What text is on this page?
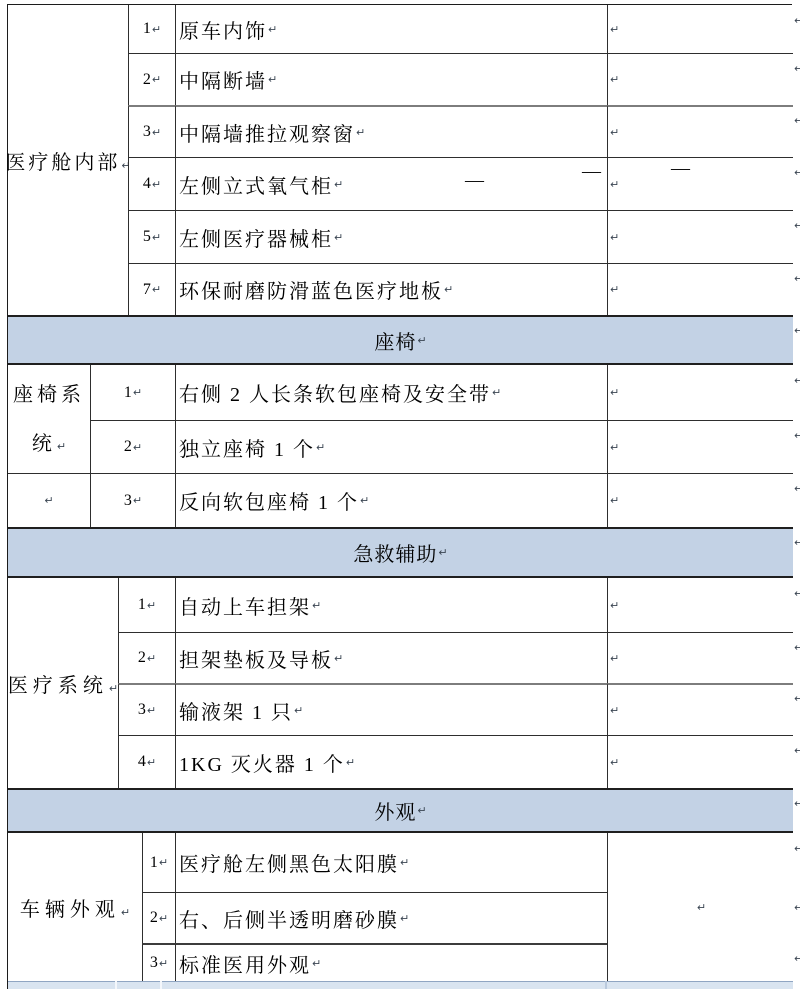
医疗舱内部 ↵
1 ↵ 原车内饰
↵
↵
2 ↵ 中隔断墙
↵
↵
3 ↵ 中隔墙推拉观察窗
↵
↵
4 ↵ 左侧立式氧气柜
↵
↵
5 ↵ 左侧医疗器械柜
↵
↵
7 ↵ 环保耐磨防滑蓝色医疗地板
↵
↵
—	—	—
座椅
↵
座椅系统 ↵
↵
1 ↵ 右侧 2 人长条软包座椅及安全带
↵
↵
2 ↵ 独立座椅 1 个
↵
↵
3 ↵ 反向软包座椅 1 个
↵
↵
急救辅助
↵
医疗系统 ↵
1 ↵ 自动上车担架
↵
↵
2 ↵ 担架垫板及导板
↵
↵
3 ↵ 输液架 1 只
↵
↵
4 ↵ 1KG 灭火器 1 个
↵
↵
外观
↵
车辆外观 ↵
1 ↵ 医疗舱左侧黑色太阳膜
↵
2 ↵ 右、后侧半透明磨砂膜
↵
3 ↵ 标准医用外观
↵
↵
↵
↵
↵
↵
↵
↵
↵
↵
↵
↵
↵
↵
↵
↵
↵
↵
↵
↵
↵
